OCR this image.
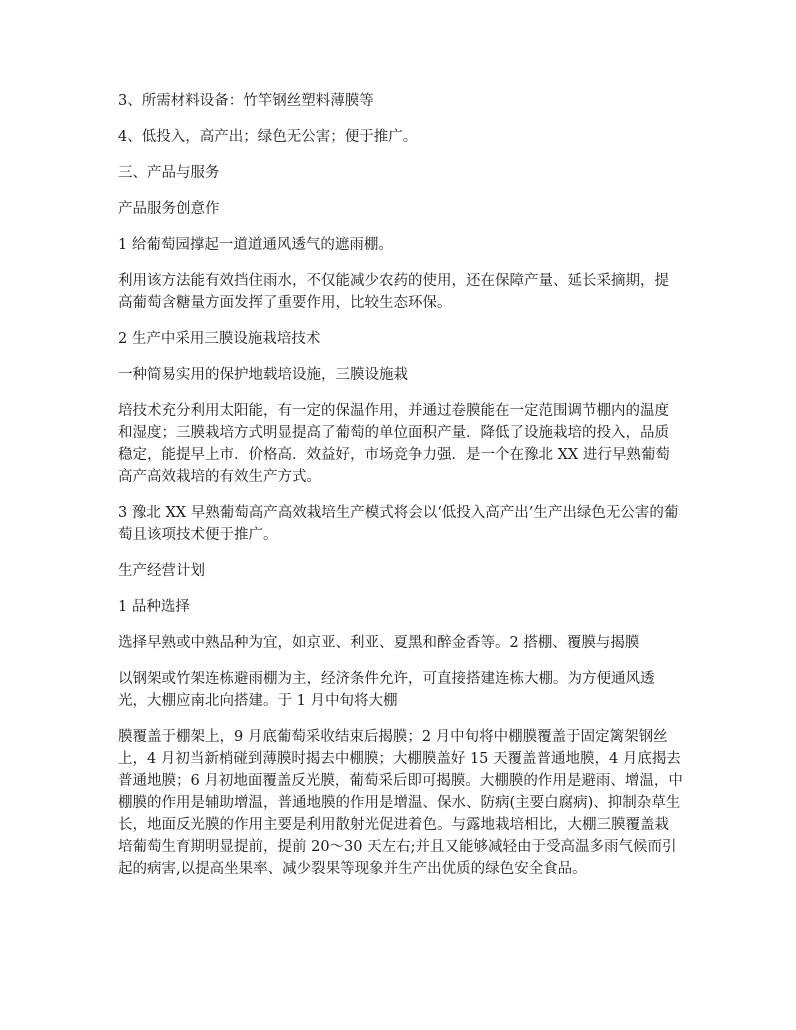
3、所需材料设备：竹竿钢丝塑料薄膜等

4、低投入，高产出；绿色无公害；便于推广。

三、产品与服务

产品服务创意作

1 给葡萄园撑起一道道通风透气的遮雨棚。

利用该方法能有效挡住雨水，不仅能减少农药的使用，还在保障产量、延长采摘期，提高葡萄含糖量方面发挥了重要作用，比较生态环保。

2 生产中采用三膜设施栽培技术

一种简易实用的保护地载培设施，三膜设施栽

培技术充分利用太阳能，有一定的保温作用，并通过卷膜能在一定范围调节棚内的温度和湿度；三膜栽培方式明显提高了葡萄的单位面积产量．降低了设施栽培的投入，品质稳定，能提早上市．价格高．效益好，市场竞争力强．是一个在豫北 XX 进行早熟葡萄高产高效栽培的有效生产方式。

3 豫北 XX 早熟葡萄高产高效栽培生产模式将会以‘低投入高产出’生产出绿色无公害的葡萄且该项技术便于推广。

生产经营计划

1 品种选择

选择早熟或中熟品种为宜，如京亚、利亚、夏黑和醉金香等。2 搭棚、覆膜与揭膜

以钢架或竹架连栋避雨棚为主，经济条件允许，可直接搭建连栋大棚。为方便通风透光，大棚应南北向搭建。于 1 月中旬将大棚

膜覆盖于棚架上，9 月底葡萄采收结束后揭膜；2 月中旬将中棚膜覆盖于固定篱架钢丝上，4 月初当新梢碰到薄膜时揭去中棚膜；大棚膜盖好 15 天覆盖普通地膜，4 月底揭去普通地膜；6 月初地面覆盖反光膜，葡萄采后即可揭膜。大棚膜的作用是避雨、增温，中棚膜的作用是辅助增温，普通地膜的作用是增温、保水、防病(主要白腐病)、抑制杂草生长，地面反光膜的作用主要是利用散射光促进着色。与露地栽培相比，大棚三膜覆盖栽培葡萄生育期明显提前，提前 20～30 天左右;并且又能够减轻由于受高温多雨气候而引起的病害,以提高坐果率、减少裂果等现象并生产出优质的绿色安全食品。
